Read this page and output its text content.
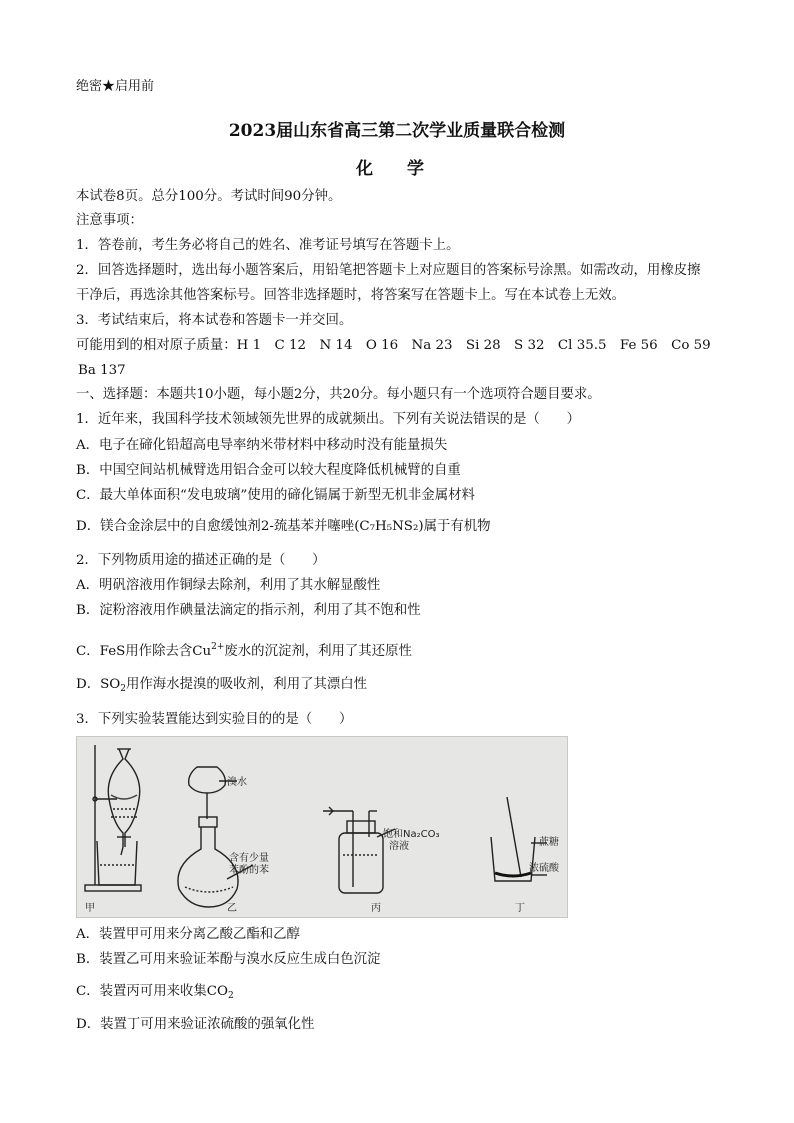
绝密★启用前
2023届山东省高三第二次学业质量联合检测
化 学
本试卷8页。总分100分。考试时间90分钟。
注意事项：
1．答卷前，考生务必将自己的姓名、准考证号填写在答题卡上。
2．回答选择题时，选出每小题答案后，用铅笔把答题卡上对应题目的答案标号涂黑。如需改动，用橡皮擦
干净后，再选涂其他答案标号。回答非选择题时，将答案写在答题卡上。写在本试卷上无效。
3．考试结束后，将本试卷和答题卡一并交回。
可能用到的相对原子质量：H 1　C 12　N 14　O 16　Na 23　Si 28　S 32　Cl 35.5　Fe 56　Co 59
Ba 137
一、选择题：本题共10小题，每小题2分，共20分。每小题只有一个选项符合题目要求。
1．近年来，我国科学技术领域领先世界的成就频出。下列有关说法错误的是（　　）
A．电子在碲化铅超高电导率纳米带材料中移动时没有能量损失
B．中国空间站机械臂选用铝合金可以较大程度降低机械臂的自重
C．最大单体面积“发电玻璃”使用的碲化镉属于新型无机非金属材料
D．镁合金涂层中的自愈缓蚀剂2-巯基苯并噻唑(C₇H₅NS₂)属于有机物
2．下列物质用途的描述正确的是（　　）
A．明矾溶液用作铜绿去除剂，利用了其水解显酸性
B．淀粉溶液用作碘量法滴定的指示剂，利用了其不饱和性
C．FeS用作除去含$Cu^{2+}$废水的沉淀剂，利用了其还原性
D．$SO_2$用作海水提溴的吸收剂，利用了其漂白性
3．下列实验装置能达到实验目的的是（　　）
甲	乙	丙	丁
溴水
含有少量
苯酚的苯
饱和Na₂CO₃
溶液	蔗糖
浓硫酸
A．装置甲可用来分离乙酸乙酯和乙醇
B．装置乙可用来验证苯酚与溴水反应生成白色沉淀
C．装置丙可用来收集$CO_2$
D．装置丁可用来验证浓硫酸的强氧化性
